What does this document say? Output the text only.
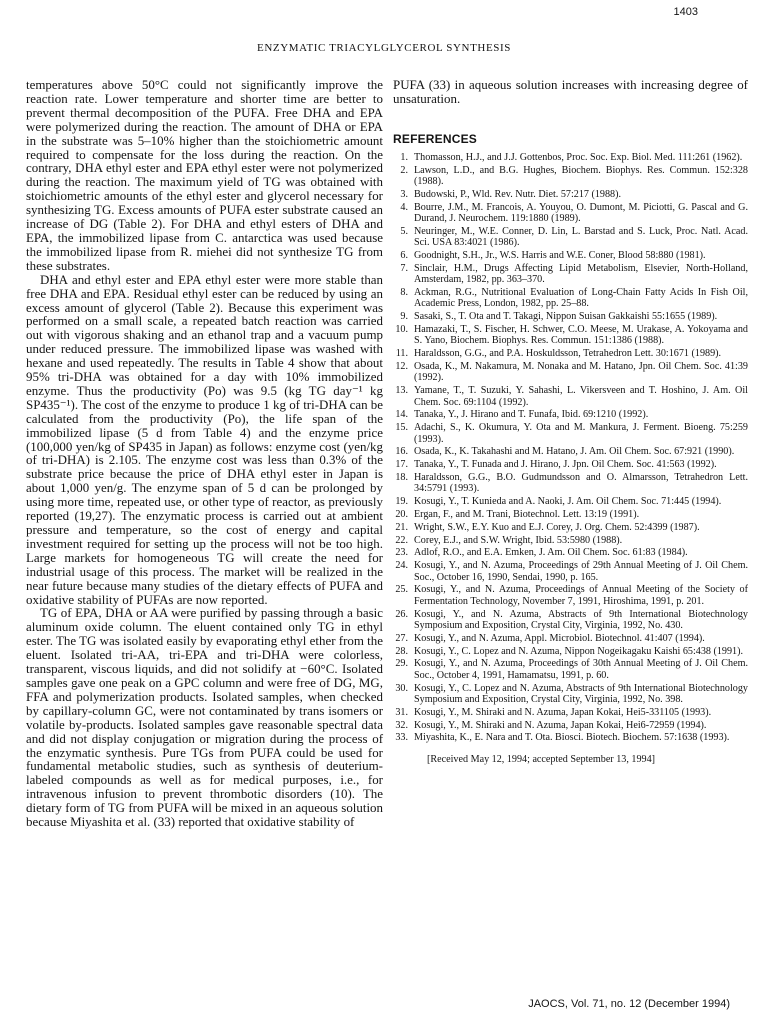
1403
ENZYMATIC TRIACYLGLYCEROL SYNTHESIS

temperatures above 50°C could not significantly improve the reaction rate. Lower temperature and shorter time are better to prevent thermal decomposition of the PUFA. Free DHA and EPA were polymerized during the reaction. The amount of DHA or EPA in the substrate was 5–10% higher than the stoichiometric amount required to compensate for the loss during the reaction. On the contrary, DHA ethyl ester and EPA ethyl ester were not polymerized during the reaction. The maximum yield of TG was obtained with stoichiometric amounts of the ethyl ester and glycerol necessary for synthesizing TG. Excess amounts of PUFA ester substrate caused an increase of DG (Table 2). For DHA and ethyl esters of DHA and EPA, the immobilized lipase from C. antarctica was used because the immobilized lipase from R. miehei did not synthesize TG from these substrates.

DHA and ethyl ester and EPA ethyl ester were more stable than free DHA and EPA. Residual ethyl ester can be reduced by using an excess amount of glycerol (Table 2). Because this experiment was performed on a small scale, a repeated batch reaction was carried out with vigorous shaking and an ethanol trap and a vacuum pump under reduced pressure. The immobilized lipase was washed with hexane and used repeatedly. The results in Table 4 show that about 95% tri-DHA was obtained for a day with 10% immobilized enzyme. Thus the productivity (Po) was 9.5 (kg TG day⁻¹ kg SP435⁻¹). The cost of the enzyme to produce 1 kg of tri-DHA can be calculated from the productivity (Po), the life span of the immobilized lipase (5 d from Table 4) and the enzyme price (100,000 yen/kg of SP435 in Japan) as follows: enzyme cost (yen/kg of tri-DHA) is 2.105. The enzyme cost was less than 0.3% of the substrate price because the price of DHA ethyl ester in Japan is about 1,000 yen/g. The enzyme span of 5 d can be prolonged by using more time, repeated use, or other type of reactor, as previously reported (19,27). The enzymatic process is carried out at ambient pressure and temperature, so the cost of energy and capital investment required for setting up the process will not be too high. Large markets for homogeneous TG will create the need for industrial usage of this process. The market will be realized in the near future because many studies of the dietary effects of PUFA and oxidative stability of PUFAs are now reported.

TG of EPA, DHA or AA were purified by passing through a basic aluminum oxide column. The eluent contained only TG in ethyl ester. The TG was isolated easily by evaporating ethyl ether from the eluent. Isolated tri-AA, tri-EPA and tri-DHA were colorless, transparent, viscous liquids, and did not solidify at −60°C. Isolated samples gave one peak on a GPC column and were free of DG, MG, FFA and polymerization products. Isolated samples, when checked by capillary-column GC, were not contaminated by trans isomers or volatile by-products. Isolated samples gave reasonable spectral data and did not display conjugation or migration during the process of the enzymatic synthesis. Pure TGs from PUFA could be used for fundamental metabolic studies, such as synthesis of deuterium-labeled compounds as well as for medical purposes, i.e., for intravenous infusion to prevent thrombotic disorders (10). The dietary form of TG from PUFA will be mixed in an aqueous solution because Miyashita et al. (33) reported that oxidative stability of

PUFA (33) in aqueous solution increases with increasing degree of unsaturation.

REFERENCES
1. Thomasson, H.J., and J.J. Gottenbos, Proc. Soc. Exp. Biol. Med. 111:261 (1962).
2. Lawson, L.D., and B.G. Hughes, Biochem. Biophys. Res. Commun. 152:328 (1988).
3. Budowski, P., Wld. Rev. Nutr. Diet. 57:217 (1988).
4. Bourre, J.M., M. Francois, A. Youyou, O. Dumont, M. Piciotti, G. Pascal and G. Durand, J. Neurochem. 119:1880 (1989).
5. Neuringer, M., W.E. Conner, D. Lin, L. Barstad and S. Luck, Proc. Natl. Acad. Sci. USA 83:4021 (1986).
6. Goodnight, S.H., Jr., W.S. Harris and W.E. Coner, Blood 58:880 (1981).
7. Sinclair, H.M., Drugs Affecting Lipid Metabolism, Elsevier, North-Holland, Amsterdam, 1982, pp. 363–370.
8. Ackman, R.G., Nutritional Evaluation of Long-Chain Fatty Acids In Fish Oil, Academic Press, London, 1982, pp. 25–88.
9. Sasaki, S., T. Ota and T. Takagi, Nippon Suisan Gakkaishi 55:1655 (1989).
10. Hamazaki, T., S. Fischer, H. Schwer, C.O. Meese, M. Urakase, A. Yokoyama and S. Yano, Biochem. Biophys. Res. Commun. 151:1386 (1988).
11. Haraldsson, G.G., and P.A. Hoskuldsson, Tetrahedron Lett. 30:1671 (1989).
12. Osada, K., M. Nakamura, M. Nonaka and M. Hatano, Jpn. Oil Chem. Soc. 41:39 (1992).
13. Yamane, T., T. Suzuki, Y. Sahashi, L. Vikersveen and T. Hoshino, J. Am. Oil Chem. Soc. 69:1104 (1992).
14. Tanaka, Y., J. Hirano and T. Funafa, Ibid. 69:1210 (1992).
15. Adachi, S., K. Okumura, Y. Ota and M. Mankura, J. Ferment. Bioeng. 75:259 (1993).
16. Osada, K., K. Takahashi and M. Hatano, J. Am. Oil Chem. Soc. 67:921 (1990).
17. Tanaka, Y., T. Funada and J. Hirano, J. Jpn. Oil Chem. Soc. 41:563 (1992).
18. Haraldsson, G.G., B.O. Gudmundsson and O. Almarsson, Tetrahedron Lett. 34:5791 (1993).
19. Kosugi, Y., T. Kunieda and A. Naoki, J. Am. Oil Chem. Soc. 71:445 (1994).
20. Ergan, F., and M. Trani, Biotechnol. Lett. 13:19 (1991).
21. Wright, S.W., E.Y. Kuo and E.J. Corey, J. Org. Chem. 52:4399 (1987).
22. Corey, E.J., and S.W. Wright, Ibid. 53:5980 (1988).
23. Adlof, R.O., and E.A. Emken, J. Am. Oil Chem. Soc. 61:83 (1984).
24. Kosugi, Y., and N. Azuma, Proceedings of 29th Annual Meeting of J. Oil Chem. Soc., October 16, 1990, Sendai, 1990, p. 165.
25. Kosugi, Y., and N. Azuma, Proceedings of Annual Meeting of the Society of Fermentation Technology, November 7, 1991, Hiroshima, 1991, p. 201.
26. Kosugi, Y., and N. Azuma, Abstracts of 9th International Biotechnology Symposium and Exposition, Crystal City, Virginia, 1992, No. 430.
27. Kosugi, Y., and N. Azuma, Appl. Microbiol. Biotechnol. 41:407 (1994).
28. Kosugi, Y., C. Lopez and N. Azuma, Nippon Nogeikagaku Kaishi 65:438 (1991).
29. Kosugi, Y., and N. Azuma, Proceedings of 30th Annual Meeting of J. Oil Chem. Soc., October 4, 1991, Hamamatsu, 1991, p. 60.
30. Kosugi, Y., C. Lopez and N. Azuma, Abstracts of 9th International Biotechnology Symposium and Exposition, Crystal City, Virginia, 1992, No. 398.
31. Kosugi, Y., M. Shiraki and N. Azuma, Japan Kokai, Hei5-331105 (1993).
32. Kosugi, Y., M. Shiraki and N. Azuma, Japan Kokai, Hei6-72959 (1994).
33. Miyashita, K., E. Nara and T. Ota. Biosci. Biotech. Biochem. 57:1638 (1993).
[Received May 12, 1994; accepted September 13, 1994]
JAOCS, Vol. 71, no. 12 (December 1994)
